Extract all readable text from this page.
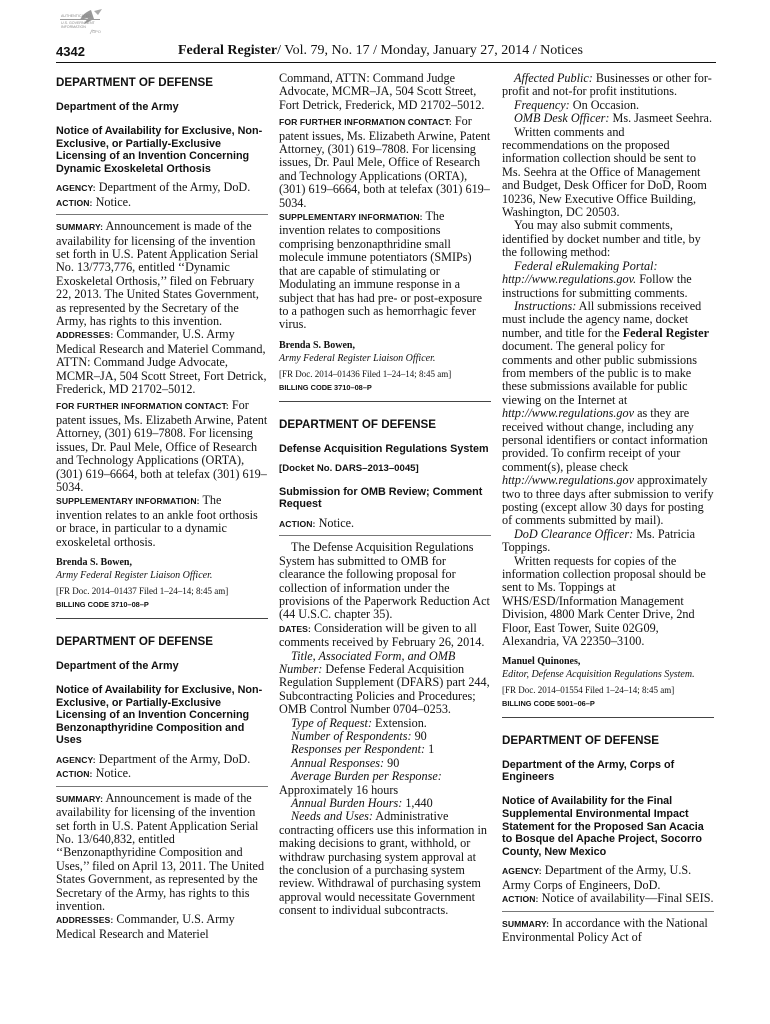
AUTHENTICATED
U.S. GOVERNMENT
INFORMATION
GPO
4342	Federal Register/ Vol. 79, No. 17 / Monday, January 27, 2014 / Notices
DEPARTMENT OF DEFENSE
Department of the Army
Notice of Availability for Exclusive, Non-Exclusive, or Partially-Exclusive Licensing of an Invention Concerning Dynamic Exoskeletal Orthosis

AGENCY: Department of the Army, DoD.

ACTION: Notice.

SUMMARY: Announcement is made of the availability for licensing of the invention set forth in U.S. Patent Application Serial No. 13/773,776, entitled ‘‘Dynamic Exoskeletal Orthosis,’’ filed on February 22, 2013. The United States Government, as represented by the Secretary of the Army, has rights to this invention.

ADDRESSES: Commander, U.S. Army Medical Research and Materiel Command, ATTN: Command Judge Advocate, MCMR–JA, 504 Scott Street, Fort Detrick, Frederick, MD 21702–5012.

FOR FURTHER INFORMATION CONTACT: For patent issues, Ms. Elizabeth Arwine, Patent Attorney, (301) 619–7808. For licensing issues, Dr. Paul Mele, Office of Research and Technology Applications (ORTA), (301) 619–6664, both at telefax (301) 619–5034.

SUPPLEMENTARY INFORMATION: The invention relates to an ankle foot orthosis or brace, in particular to a dynamic exoskeletal orthosis.

Brenda S. Bowen,
Army Federal Register Liaison Officer.
[FR Doc. 2014–01437 Filed 1–24–14; 8:45 am]
BILLING CODE 3710–08–P
DEPARTMENT OF DEFENSE
Department of the Army
Notice of Availability for Exclusive, Non-Exclusive, or Partially-Exclusive Licensing of an Invention Concerning Benzonapthyridine Composition and Uses

AGENCY: Department of the Army, DoD.

ACTION: Notice.

SUMMARY: Announcement is made of the availability for licensing of the invention set forth in U.S. Patent Application Serial No. 13/640,832, entitled ‘‘Benzonapthyridine Composition and Uses,’’ filed on April 13, 2011. The United States Government, as represented by the Secretary of the Army, has rights to this invention.

ADDRESSES: Commander, U.S. Army Medical Research and Materiel

Command, ATTN: Command Judge Advocate, MCMR–JA, 504 Scott Street, Fort Detrick, Frederick, MD 21702–5012.

FOR FURTHER INFORMATION CONTACT: For patent issues, Ms. Elizabeth Arwine, Patent Attorney, (301) 619–7808. For licensing issues, Dr. Paul Mele, Office of Research and Technology Applications (ORTA), (301) 619–6664, both at telefax (301) 619–5034.

SUPPLEMENTARY INFORMATION: The invention relates to compositions comprising benzonapthridine small molecule immune potentiators (SMIPs) that are capable of stimulating or Modulating an immune response in a subject that has had pre- or post-exposure to a pathogen such as hemorrhagic fever virus.

Brenda S. Bowen,
Army Federal Register Liaison Officer.
[FR Doc. 2014–01436 Filed 1–24–14; 8:45 am]
BILLING CODE 3710–08–P
DEPARTMENT OF DEFENSE
Defense Acquisition Regulations System
[Docket No. DARS–2013–0045]
Submission for OMB Review; Comment Request

ACTION: Notice.

The Defense Acquisition Regulations System has submitted to OMB for clearance the following proposal for collection of information under the provisions of the Paperwork Reduction Act (44 U.S.C. chapter 35).

DATES: Consideration will be given to all comments received by February 26, 2014.

Title, Associated Form, and OMB Number: Defense Federal Acquisition Regulation Supplement (DFARS) part 244, Subcontracting Policies and Procedures; OMB Control Number 0704–0253.

Type of Request: Extension.

Number of Respondents: 90

Responses per Respondent: 1

Annual Responses: 90

Average Burden per Response:

Approximately 16 hours

Annual Burden Hours: 1,440

Needs and Uses: Administrative contracting officers use this information in making decisions to grant, withhold, or withdraw purchasing system approval at the conclusion of a purchasing system review. Withdrawal of purchasing system approval would necessitate Government consent to individual subcontracts.

Affected Public: Businesses or other for-profit and not-for profit institutions.

Frequency: On Occasion.

OMB Desk Officer: Ms. Jasmeet Seehra.

Written comments and recommendations on the proposed information collection should be sent to Ms. Seehra at the Office of Management and Budget, Desk Officer for DoD, Room 10236, New Executive Office Building, Washington, DC 20503.

You may also submit comments, identified by docket number and title, by the following method:

Federal eRulemaking Portal: http://www.regulations.gov. Follow the instructions for submitting comments.

Instructions: All submissions received must include the agency name, docket number, and title for the Federal Register document. The general policy for comments and other public submissions from members of the public is to make these submissions available for public viewing on the Internet at http://www.regulations.gov as they are received without change, including any personal identifiers or contact information provided. To confirm receipt of your comment(s), please check http://www.regulations.gov approximately two to three days after submission to verify posting (except allow 30 days for posting of comments submitted by mail).

DoD Clearance Officer: Ms. Patricia Toppings.

Written requests for copies of the information collection proposal should be sent to Ms. Toppings at WHS/ESD/Information Management Division, 4800 Mark Center Drive, 2nd Floor, East Tower, Suite 02G09, Alexandria, VA 22350–3100.

Manuel Quinones,
Editor, Defense Acquisition Regulations System.
[FR Doc. 2014–01554 Filed 1–24–14; 8:45 am]
BILLING CODE 5001–06–P
DEPARTMENT OF DEFENSE
Department of the Army, Corps of Engineers
Notice of Availability for the Final Supplemental Environmental Impact Statement for the Proposed San Acacia to Bosque del Apache Project, Socorro County, New Mexico

AGENCY: Department of the Army, U.S. Army Corps of Engineers, DoD.

ACTION: Notice of availability—Final SEIS.

SUMMARY: In accordance with the National Environmental Policy Act of
